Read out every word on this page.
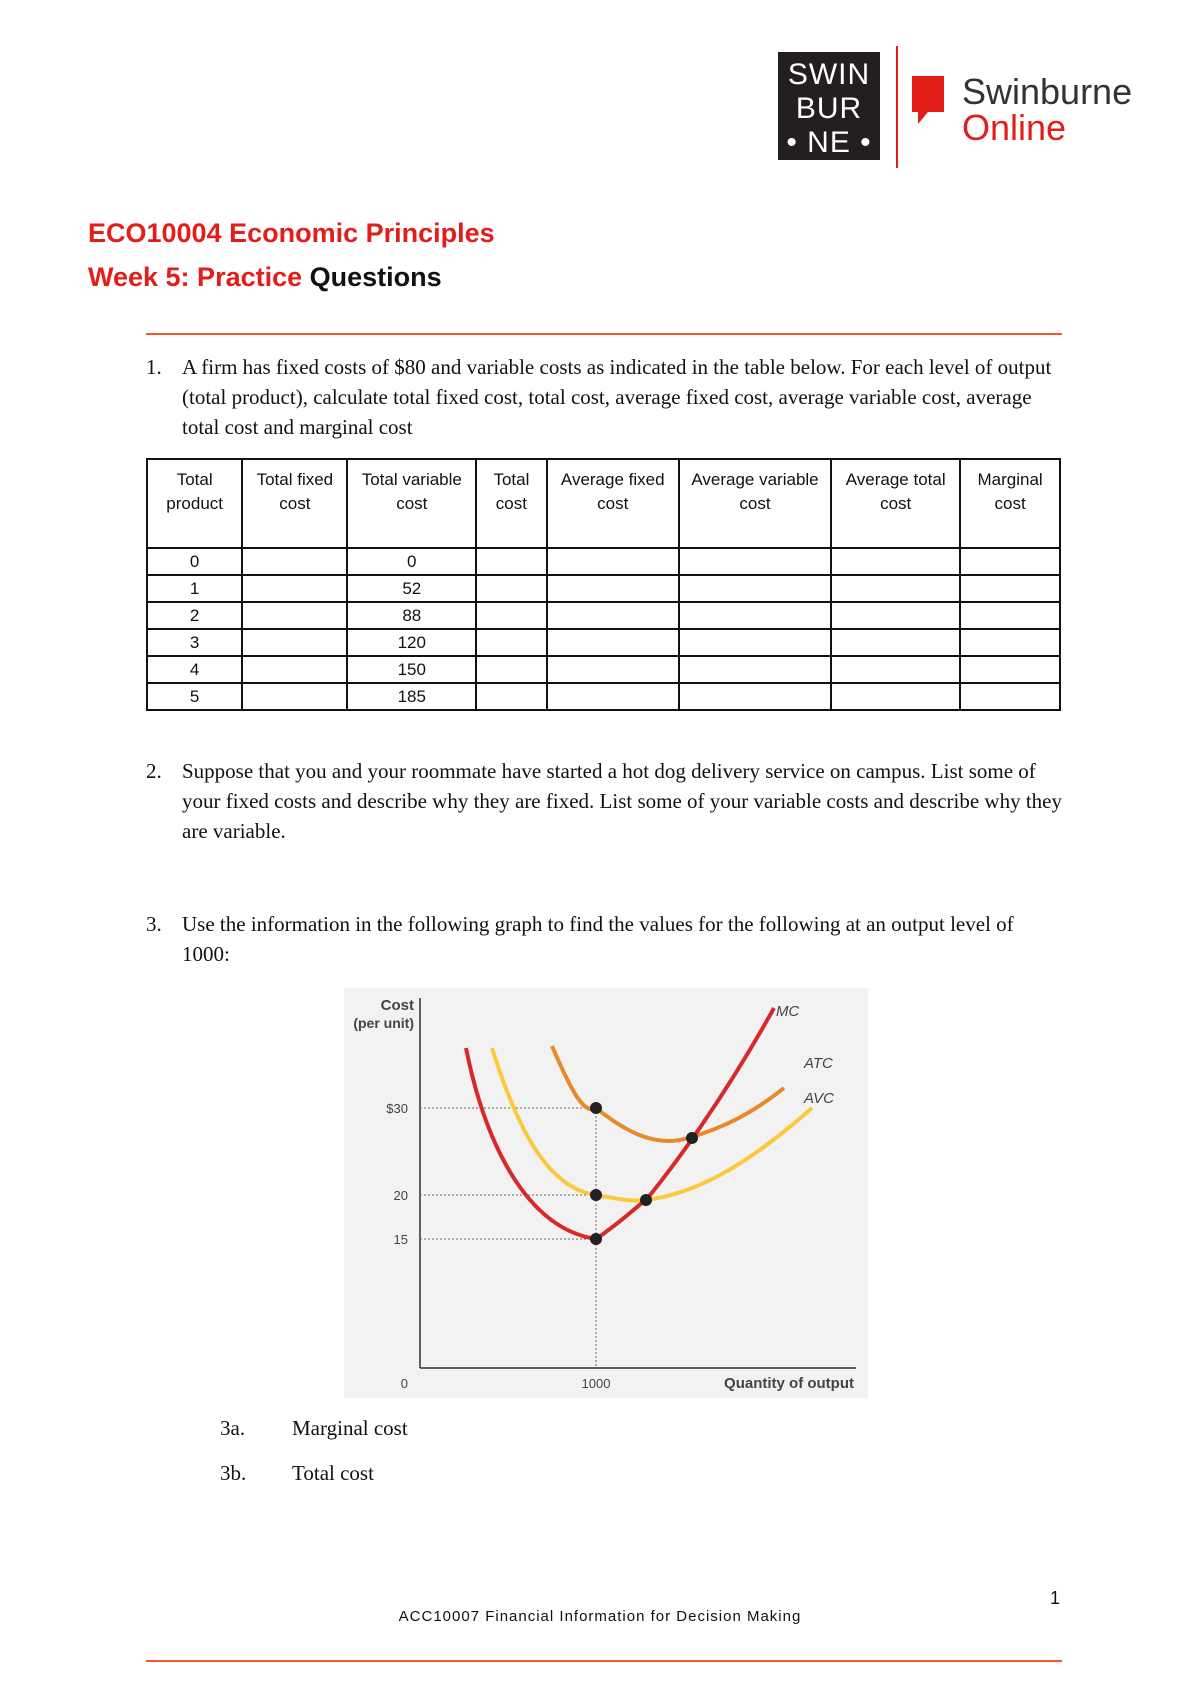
SWIN
BUR
• NE •
Swinburne
Online
ECO10004 Economic Principles
Week 5: Practice Questions
1. A firm has fixed costs of $80 and variable costs as indicated in the table below. For each level of output (total product), calculate total fixed cost, total cost, average fixed cost, average variable cost, average total cost and marginal cost
Total product	Total fixed cost	Total variable cost	Total cost	Average fixed cost	Average variable cost	Average total cost	Marginal cost
0		0					
1		52					
2		88					
3		120					
4		150					
5		185					
2. Suppose that you and your roommate have started a hot dog delivery service on campus. List some of your fixed costs and describe why they are fixed. List some of your variable costs and describe why they are variable.
3. Use the information in the following graph to find the values for the following at an output level of 1000:
Cost
(per unit)
$30
20
15
0	1000	Quantity of output
MC
ATC
AVC
3a. Marginal cost
3b. Total cost
1
ACC10007 Financial Information for Decision Making
